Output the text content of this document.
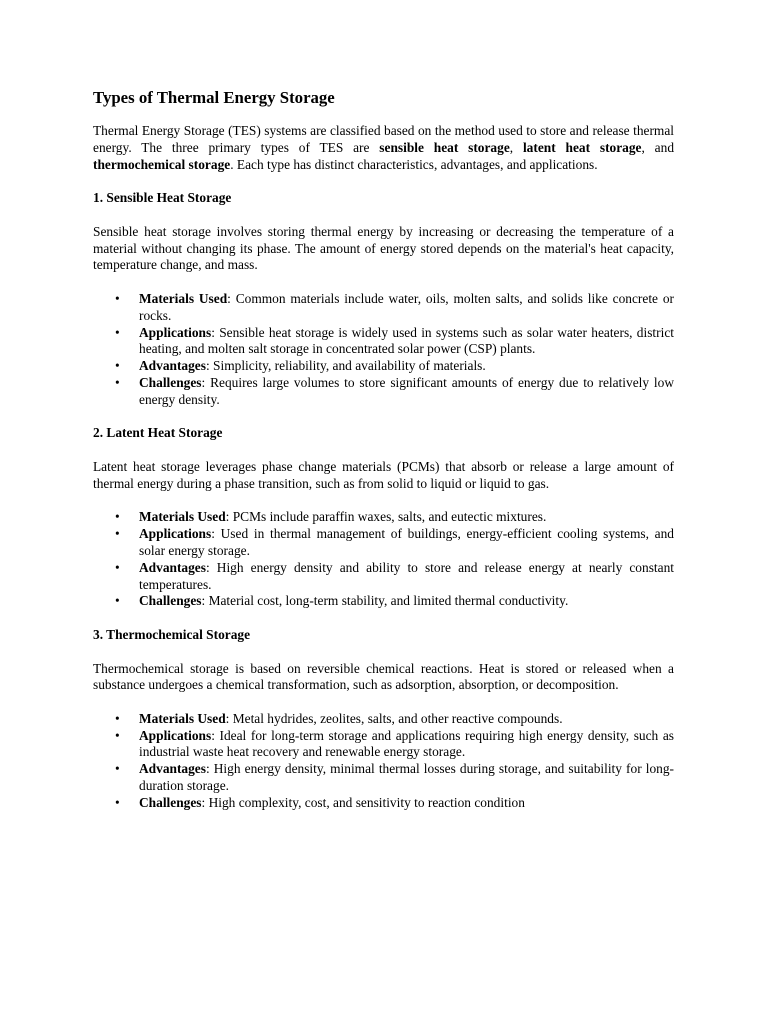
Types of Thermal Energy Storage

Thermal Energy Storage (TES) systems are classified based on the method used to store and release thermal energy. The three primary types of TES are sensible heat storage, latent heat storage, and thermochemical storage. Each type has distinct characteristics, advantages, and applications.

1. Sensible Heat Storage

Sensible heat storage involves storing thermal energy by increasing or decreasing the temperature of a material without changing its phase. The amount of energy stored depends on the material's heat capacity, temperature change, and mass.

• Materials Used: Common materials include water, oils, molten salts, and solids like concrete or rocks.
• Applications: Sensible heat storage is widely used in systems such as solar water heaters, district heating, and molten salt storage in concentrated solar power (CSP) plants.
• Advantages: Simplicity, reliability, and availability of materials.
• Challenges: Requires large volumes to store significant amounts of energy due to relatively low energy density.
2. Latent Heat Storage

Latent heat storage leverages phase change materials (PCMs) that absorb or release a large amount of thermal energy during a phase transition, such as from solid to liquid or liquid to gas.

• Materials Used: PCMs include paraffin waxes, salts, and eutectic mixtures.
• Applications: Used in thermal management of buildings, energy-efficient cooling systems, and solar energy storage.
• Advantages: High energy density and ability to store and release energy at nearly constant temperatures.
• Challenges: Material cost, long-term stability, and limited thermal conductivity.
3. Thermochemical Storage

Thermochemical storage is based on reversible chemical reactions. Heat is stored or released when a substance undergoes a chemical transformation, such as adsorption, absorption, or decomposition.

• Materials Used: Metal hydrides, zeolites, salts, and other reactive compounds.
• Applications: Ideal for long-term storage and applications requiring high energy density, such as industrial waste heat recovery and renewable energy storage.
• Advantages: High energy density, minimal thermal losses during storage, and suitability for long-duration storage.
• Challenges: High complexity, cost, and sensitivity to reaction condition
